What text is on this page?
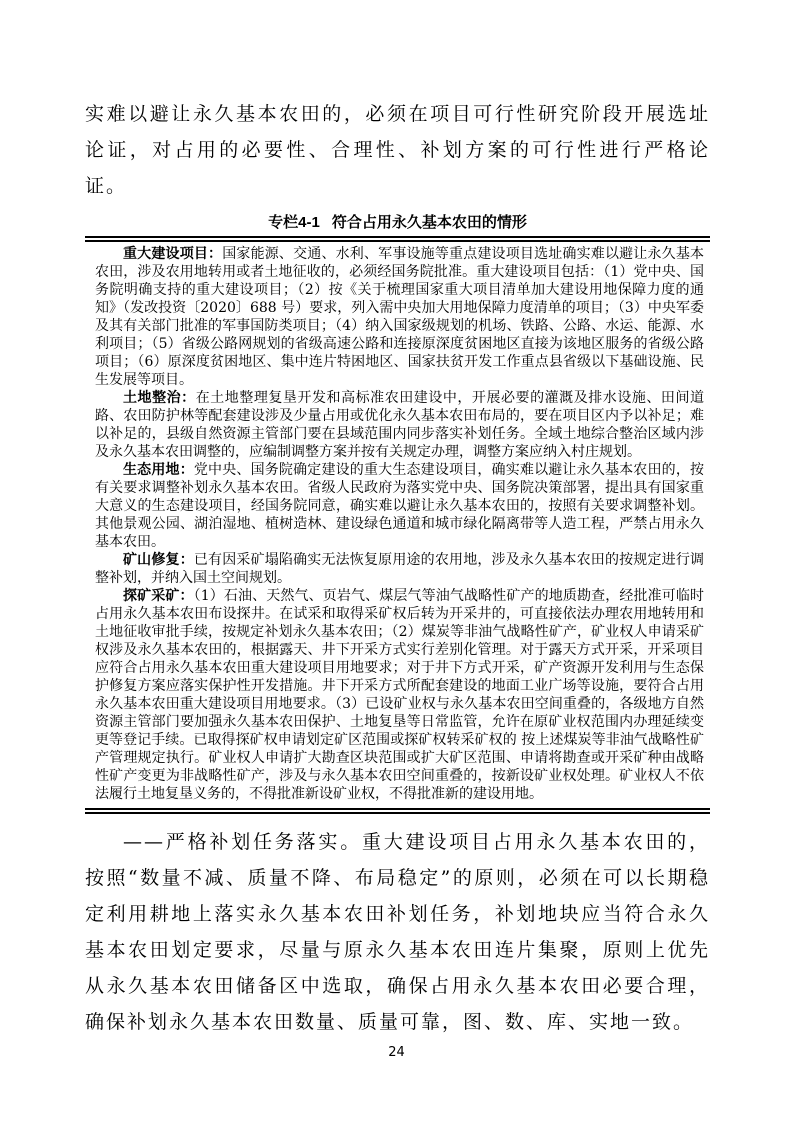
实难以避让永久基本农田的，必须在项目可行性研究阶段开展选址论证，对占用的必要性、合理性、补划方案的可行性进行严格论证。

专栏4-1 符合占用永久基本农田的情形

重大建设项目：国家能源、交通、水利、军事设施等重点建设项目选址确实难以避让永久基本农田，涉及农用地转用或者土地征收的，必须经国务院批准。重大建设项目包括：（1）党中央、国务院明确支持的重大建设项目；（2）按《关于梳理国家重大项目清单加大建设用地保障力度的通知》（发改投资〔2020〕688 号）要求，列入需中央加大用地保障力度清单的项目；（3）中央军委及其有关部门批准的军事国防类项目；（4）纳入国家级规划的机场、铁路、公路、水运、能源、水利项目；（5）省级公路网规划的省级高速公路和连接原深度贫困地区直接为该地区服务的省级公路项目；（6）原深度贫困地区、集中连片特困地区、国家扶贫开发工作重点县省级以下基础设施、民生发展等项目。

土地整治：在土地整理复垦开发和高标准农田建设中，开展必要的灌溉及排水设施、田间道路、农田防护林等配套建设涉及少量占用或优化永久基本农田布局的，要在项目区内予以补足；难以补足的，县级自然资源主管部门要在县域范围内同步落实补划任务。全域土地综合整治区域内涉及永久基本农田调整的，应编制调整方案并按有关规定办理，调整方案应纳入村庄规划。

生态用地：党中央、国务院确定建设的重大生态建设项目，确实难以避让永久基本农田的，按有关要求调整补划永久基本农田。省级人民政府为落实党中央、国务院决策部署，提出具有国家重大意义的生态建设项目，经国务院同意，确实难以避让永久基本农田的，按照有关要求调整补划。其他景观公园、湖泊湿地、植树造林、建设绿色通道和城市绿化隔离带等人造工程，严禁占用永久基本农田。

矿山修复：已有因采矿塌陷确实无法恢复原用途的农用地，涉及永久基本农田的按规定进行调整补划，并纳入国土空间规划。

探矿采矿：（1）石油、天然气、页岩气、煤层气等油气战略性矿产的地质勘查，经批准可临时占用永久基本农田布设探井。在试采和取得采矿权后转为开采井的，可直接依法办理农用地转用和土地征收审批手续，按规定补划永久基本农田；（2）煤炭等非油气战略性矿产，矿业权人申请采矿权涉及永久基本农田的，根据露天、井下开采方式实行差别化管理。对于露天方式开采，开采项目应符合占用永久基本农田重大建设项目用地要求；对于井下方式开采，矿产资源开发利用与生态保护修复方案应落实保护性开发措施。井下开采方式所配套建设的地面工业广场等设施，要符合占用永久基本农田重大建设项目用地要求。（3）已设矿业权与永久基本农田空间重叠的，各级地方自然资源主管部门要加强永久基本农田保护、土地复垦等日常监管，允许在原矿业权范围内办理延续变更等登记手续。已取得探矿权申请划定矿区范围或探矿权转采矿权的 按上述煤炭等非油气战略性矿产管理规定执行。矿业权人申请扩大勘查区块范围或扩大矿区范围、申请将勘查或开采矿种由战略性矿产变更为非战略性矿产，涉及与永久基本农田空间重叠的，按新设矿业权处理。矿业权人不依法履行土地复垦义务的，不得批准新设矿业权，不得批准新的建设用地。

——严格补划任务落实。重大建设项目占用永久基本农田的，按照“数量不减、质量不降、布局稳定”的原则，必须在可以长期稳定利用耕地上落实永久基本农田补划任务，补划地块应当符合永久基本农田划定要求，尽量与原永久基本农田连片集聚，原则上优先从永久基本农田储备区中选取，确保占用永久基本农田必要合理，确保补划永久基本农田数量、质量可靠，图、数、库、实地一致。

24
